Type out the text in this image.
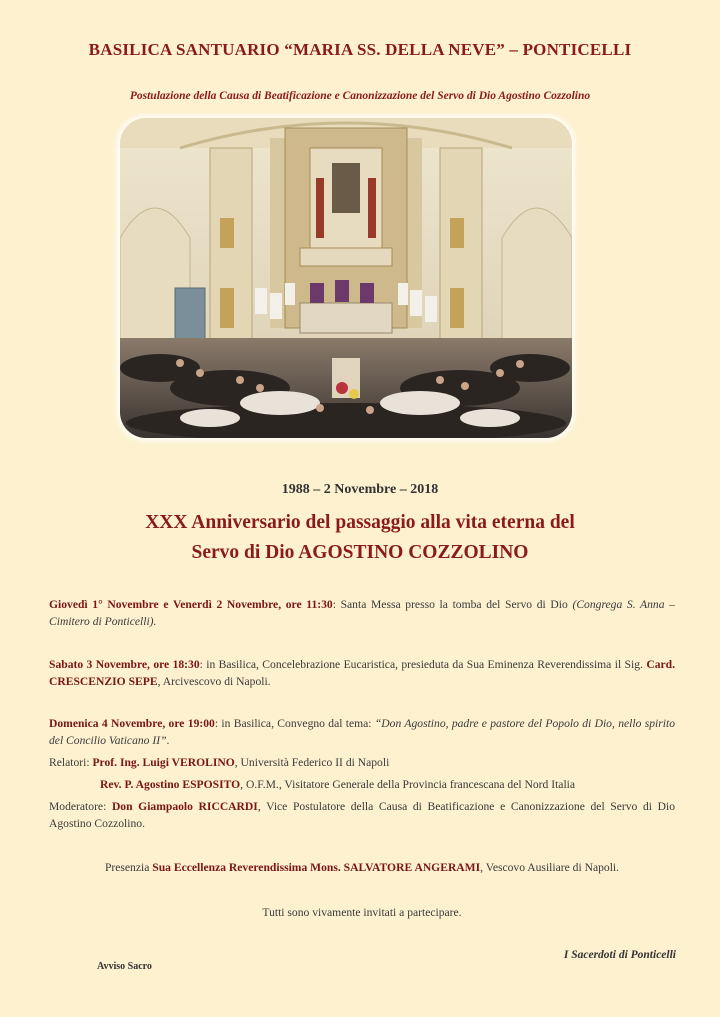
BASILICA SANTUARIO “MARIA SS. DELLA NEVE” – PONTICELLI
Postulazione della Causa di Beatificazione e Canonizzazione del Servo di Dio Agostino Cozzolino
1988 – 2 Novembre – 2018
XXX Anniversario del passaggio alla vita eterna del
Servo di Dio AGOSTINO COZZOLINO
Giovedì 1° Novembre e Venerdì 2 Novembre, ore 11:30: Santa Messa presso la tomba del Servo di Dio (Congrega S. Anna – Cimitero di Ponticelli).
Sabato 3 Novembre, ore 18:30: in Basilica, Concelebrazione Eucaristica, presieduta da Sua Eminenza Reverendissima il Sig. Card. CRESCENZIO SEPE, Arcivescovo di Napoli.
Domenica 4 Novembre, ore 19:00: in Basilica, Convegno dal tema: “Don Agostino, padre e pastore del Popolo di Dio, nello spirito del Concilio Vaticano II”.
Relatori: Prof. Ing. Luigi VEROLINO, Università Federico II di Napoli
Rev. P. Agostino ESPOSITO, O.F.M., Visitatore Generale della Provincia francescana del Nord Italia
Moderatore: Don Giampaolo RICCARDI, Vice Postulatore della Causa di Beatificazione e Canonizzazione del Servo di Dio Agostino Cozzolino.
Presenzia Sua Eccellenza Reverendissima Mons. SALVATORE ANGERAMI, Vescovo Ausiliare di Napoli.
Tutti sono vivamente invitati a partecipare.
I Sacerdoti di Ponticelli
Avviso Sacro
